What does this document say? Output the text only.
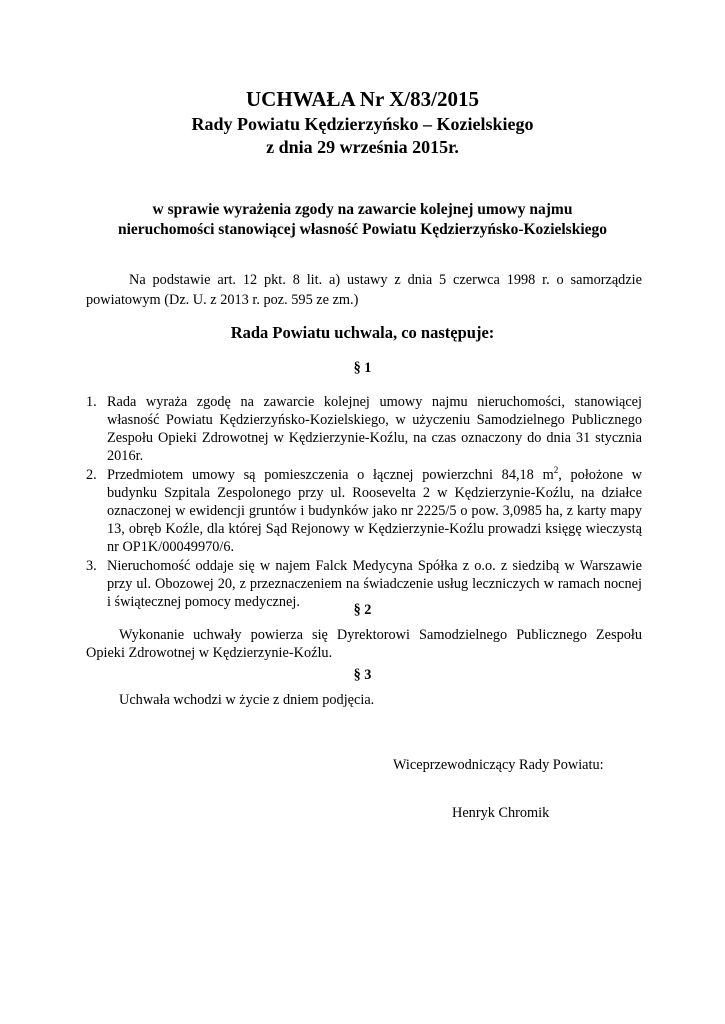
UCHWAŁA Nr X/83/2015
Rady Powiatu Kędzierzyńsko – Kozielskiego
z dnia 29 września 2015r.
w sprawie wyrażenia zgody na zawarcie kolejnej umowy najmu
nieruchomości stanowiącej własność Powiatu Kędzierzyńsko-Kozielskiego

Na podstawie art. 12 pkt. 8 lit. a) ustawy z dnia 5 czerwca 1998 r. o samorządzie powiatowym (Dz. U. z 2013 r. poz. 595 ze zm.)

Rada Powiatu uchwala, co następuje:
§ 1
1. Rada wyraża zgodę na zawarcie kolejnej umowy najmu nieruchomości, stanowiącej własność Powiatu Kędzierzyńsko-Kozielskiego, w użyczeniu Samodzielnego Publicznego Zespołu Opieki Zdrowotnej w Kędzierzynie-Koźlu, na czas oznaczony do dnia 31 stycznia 2016r.
2. Przedmiotem umowy są pomieszczenia o łącznej powierzchni 84,18 $m^2$, położone w budynku Szpitala Zespolonego przy ul. Roosevelta 2 w Kędzierzynie-Koźlu, na działce oznaczonej w ewidencji gruntów i budynków jako nr 2225/5 o pow. 3,0985 ha, z karty mapy 13, obręb Koźle, dla której Sąd Rejonowy w Kędzierzynie-Koźlu prowadzi księgę wieczystą nr OP1K/00049970/6.
3. Nieruchomość oddaje się w najem Falck Medycyna Spółka z o.o. z siedzibą w Warszawie przy ul. Obozowej 20, z przeznaczeniem na świadczenie usług leczniczych w ramach nocnej i świątecznej pomocy medycznej.	§ 2

Wykonanie uchwały powierza się Dyrektorowi Samodzielnego Publicznego Zespołu Opieki Zdrowotnej w Kędzierzynie-Koźlu.

§ 3

Uchwała wchodzi w życie z dniem podjęcia.

Wiceprzewodniczący Rady Powiatu:
Henryk Chromik
